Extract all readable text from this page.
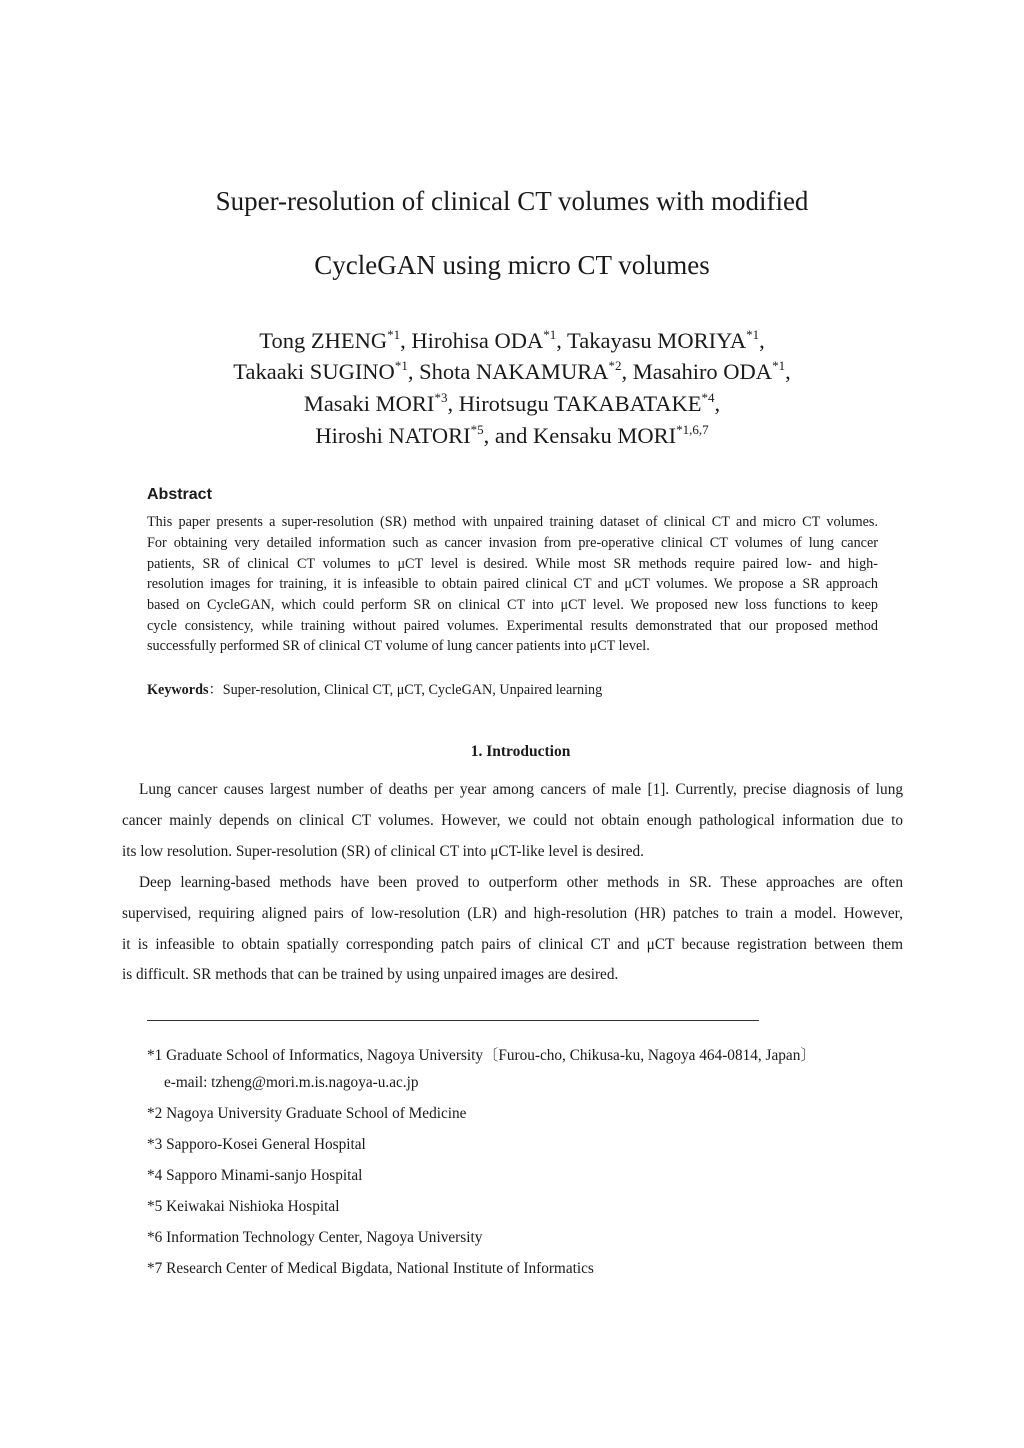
Super-resolution of clinical CT volumes with modified
CycleGAN using micro CT volumes
Tong ZHENG$^{*1}$, Hirohisa ODA$^{*1}$, Takayasu MORIYA$^{*1}$,
Takaaki SUGINO$^{*1}$, Shota NAKAMURA$^{*2}$, Masahiro ODA$^{*1}$,
Masaki MORI$^{*3}$, Hirotsugu TAKABATAKE$^{*4}$,
Hiroshi NATORI$^{*5}$, and Kensaku MORI$^{*1,6,7}$
Abstract
This paper presents a super-resolution (SR) method with unpaired training dataset of clinical CT and micro CT volumes.
For obtaining very detailed information such as cancer invasion from pre-operative clinical CT volumes of lung cancer
patients, SR of clinical CT volumes to μCT level is desired. While most SR methods require paired low- and high-
resolution images for training, it is infeasible to obtain paired clinical CT and μCT volumes. We propose a SR approach
based on CycleGAN, which could perform SR on clinical CT into μCT level. We proposed new loss functions to keep
cycle consistency, while training without paired volumes. Experimental results demonstrated that our proposed method
successfully performed SR of clinical CT volume of lung cancer patients into μCT level.
Keywords：Super-resolution, Clinical CT, μCT, CycleGAN, Unpaired learning
1. Introduction
Lung cancer causes largest number of deaths per year among cancers of male [1]. Currently, precise diagnosis of lung
cancer mainly depends on clinical CT volumes. However, we could not obtain enough pathological information due to
its low resolution. Super-resolution (SR) of clinical CT into μCT-like level is desired.
Deep learning-based methods have been proved to outperform other methods in SR. These approaches are often
supervised, requiring aligned pairs of low-resolution (LR) and high-resolution (HR) patches to train a model. However,
it is infeasible to obtain spatially corresponding patch pairs of clinical CT and μCT because registration between them
is difficult. SR methods that can be trained by using unpaired images are desired.
*1 Graduate School of Informatics, Nagoya University〔Furou-cho, Chikusa-ku, Nagoya 464-0814, Japan〕
e-mail: tzheng@mori.m.is.nagoya-u.ac.jp
*2 Nagoya University Graduate School of Medicine
*3 Sapporo-Kosei General Hospital
*4 Sapporo Minami-sanjo Hospital
*5 Keiwakai Nishioka Hospital
*6 Information Technology Center, Nagoya University
*7 Research Center of Medical Bigdata, National Institute of Informatics
